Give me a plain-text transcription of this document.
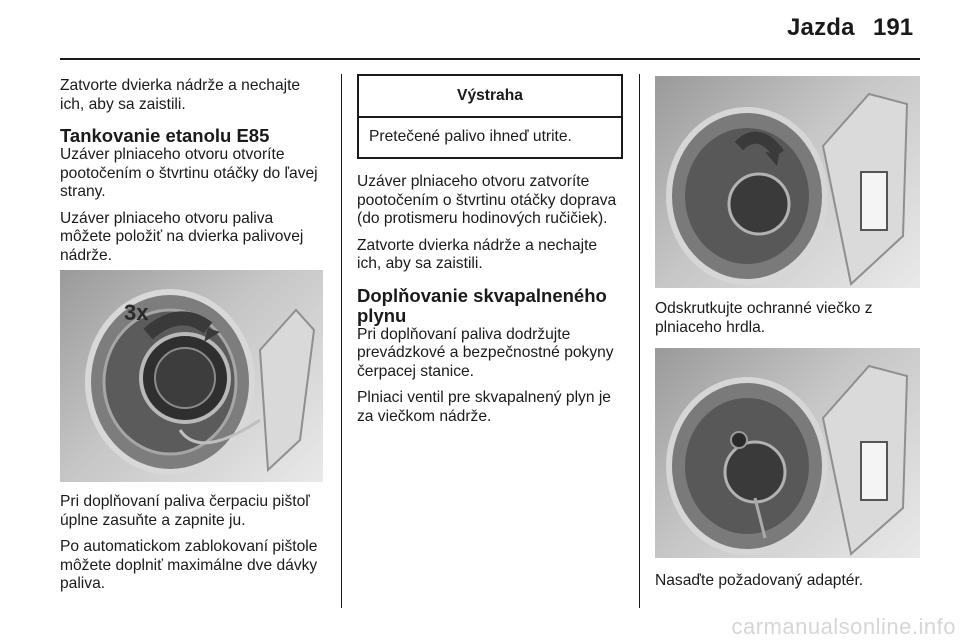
Jazda 191

Zatvorte dvierka nádrže a nechajte ich, aby sa zaistili.

Tankovanie etanolu E85

Uzáver plniaceho otvoru otvoríte pootočením o štvrtinu otáčky do ľavej strany.

Uzáver plniaceho otvoru paliva môžete položiť na dvierka palivovej nádrže.

3x

Pri doplňovaní paliva čerpaciu pištoľ úplne zasuňte a zapnite ju.

Po automatickom zablokovaní pištole môžete doplniť maximálne dve dávky paliva.

Výstraha
Pretečené palivo ihneď utrite.

Uzáver plniaceho otvoru zatvoríte pootočením o štvrtinu otáčky doprava (do protismeru hodinových ručičiek).

Zatvorte dvierka nádrže a nechajte ich, aby sa zaistili.

Doplňovanie skvapalneného plynu

Pri doplňovaní paliva dodržujte prevádzkové a bezpečnostné pokyny čerpacej stanice.

Plniaci ventil pre skvapalnený plyn je za viečkom nádrže.

Odskrutkujte ochranné viečko z plniaceho hrdla.

Nasaďte požadovaný adaptér.

carmanualsonline.info
